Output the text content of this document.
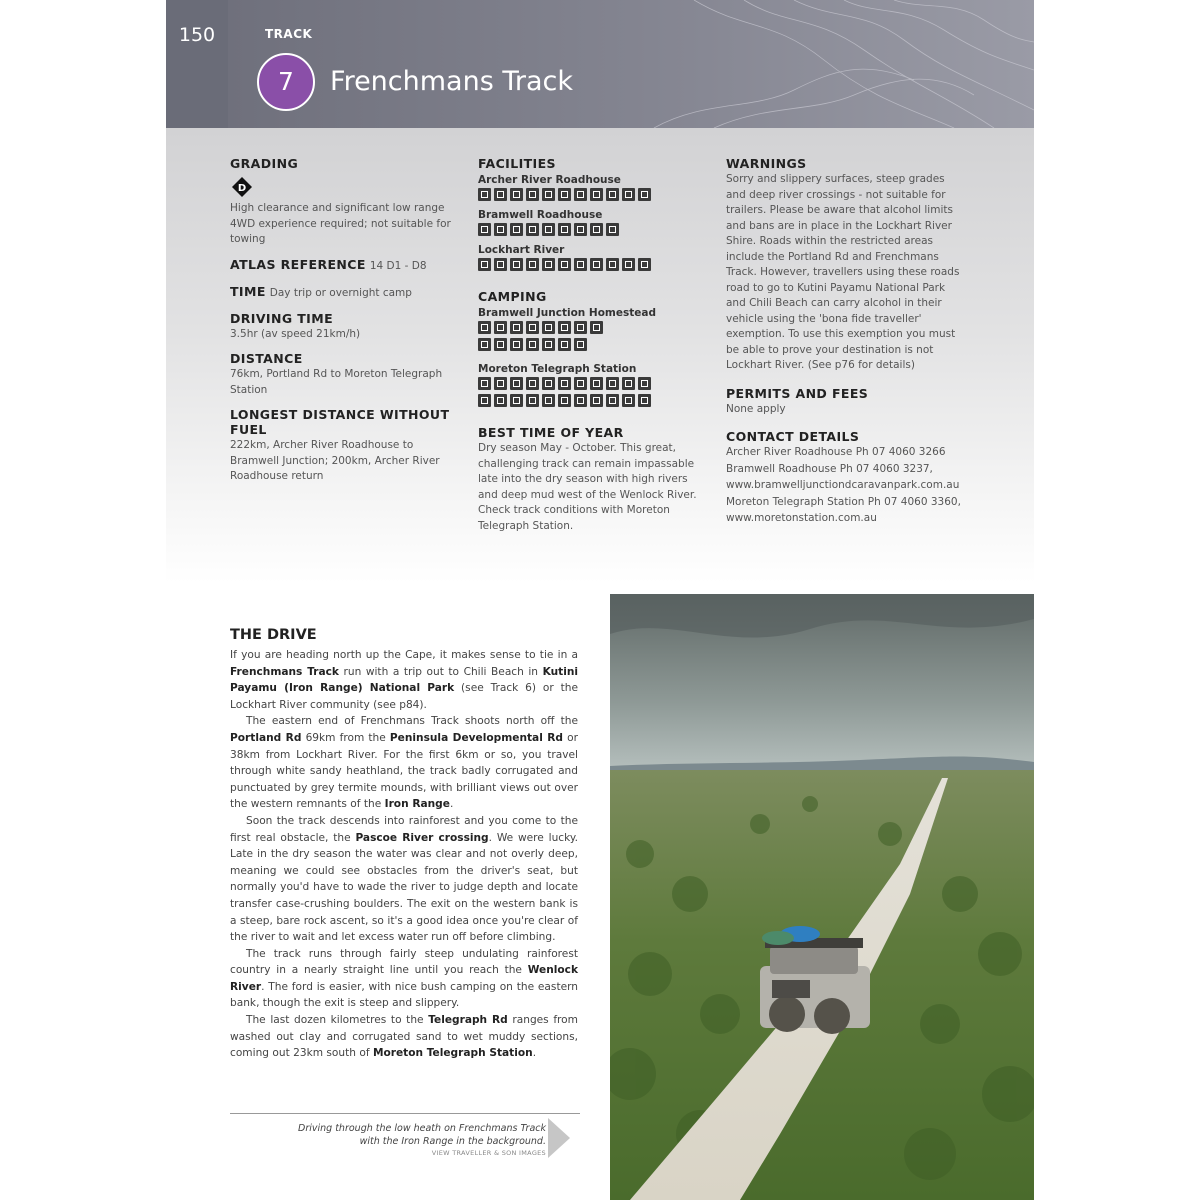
150	TRACK
7	Frenchmans Track

GRADING

D

High clearance and significant low range 4WD experience required; not suitable for towing

ATLAS REFERENCE 14 D1 - D8

TIME Day trip or overnight camp

DRIVING TIME

3.5hr (av speed 21km/h)

DISTANCE

76km, Portland Rd to Moreton Telegraph Station

LONGEST DISTANCE WITHOUT FUEL

222km, Archer River Roadhouse to Bramwell Junction; 200km, Archer River Roadhouse return

FACILITIES

Archer River Roadhouse

Bramwell Roadhouse

Lockhart River

CAMPING

Bramwell Junction Homestead

Moreton Telegraph Station

BEST TIME OF YEAR

Dry season May - October. This great, challenging track can remain impassable late into the dry season with high rivers and deep mud west of the Wenlock River. Check track conditions with Moreton Telegraph Station.

WARNINGS

Sorry and slippery surfaces, steep grades and deep river crossings - not suitable for trailers. Please be aware that alcohol limits and bans are in place in the Lockhart River Shire. Roads within the restricted areas include the Portland Rd and Frenchmans Track. However, travellers using these roads road to go to Kutini Payamu National Park and Chili Beach can carry alcohol in their vehicle using the 'bona fide traveller' exemption. To use this exemption you must be able to prove your destination is not Lockhart River. (See p76 for details)

PERMITS AND FEES

None apply

CONTACT DETAILS

Archer River Roadhouse Ph 07 4060 3266

Bramwell Roadhouse Ph 07 4060 3237,

www.bramwelljunctiondcaravanpark.com.au

Moreton Telegraph Station Ph 07 4060 3360,

www.moretonstation.com.au

THE DRIVE

If you are heading north up the Cape, it makes sense to tie in a Frenchmans Track run with a trip out to Chili Beach in Kutini Payamu (Iron Range) National Park (see Track 6) or the Lockhart River community (see p84).

The eastern end of Frenchmans Track shoots north off the Portland Rd 69km from the Peninsula Developmental Rd or 38km from Lockhart River. For the first 6km or so, you travel through white sandy heathland, the track badly corrugated and punctuated by grey termite mounds, with brilliant views out over the western remnants of the Iron Range.

Soon the track descends into rainforest and you come to the first real obstacle, the Pascoe River crossing. We were lucky. Late in the dry season the water was clear and not overly deep, meaning we could see obstacles from the driver's seat, but normally you'd have to wade the river to judge depth and locate transfer case-crushing boulders. The exit on the western bank is a steep, bare rock ascent, so it's a good idea once you're clear of the river to wait and let excess water run off before climbing.

The track runs through fairly steep undulating rainforest country in a nearly straight line until you reach the Wenlock River. The ford is easier, with nice bush camping on the eastern bank, though the exit is steep and slippery.

The last dozen kilometres to the Telegraph Rd ranges from washed out clay and corrugated sand to wet muddy sections, coming out 23km south of Moreton Telegraph Station.

Driving through the low heath on Frenchmans Track with the Iron Range in the background.
VIEW TRAVELLER & SON IMAGES
